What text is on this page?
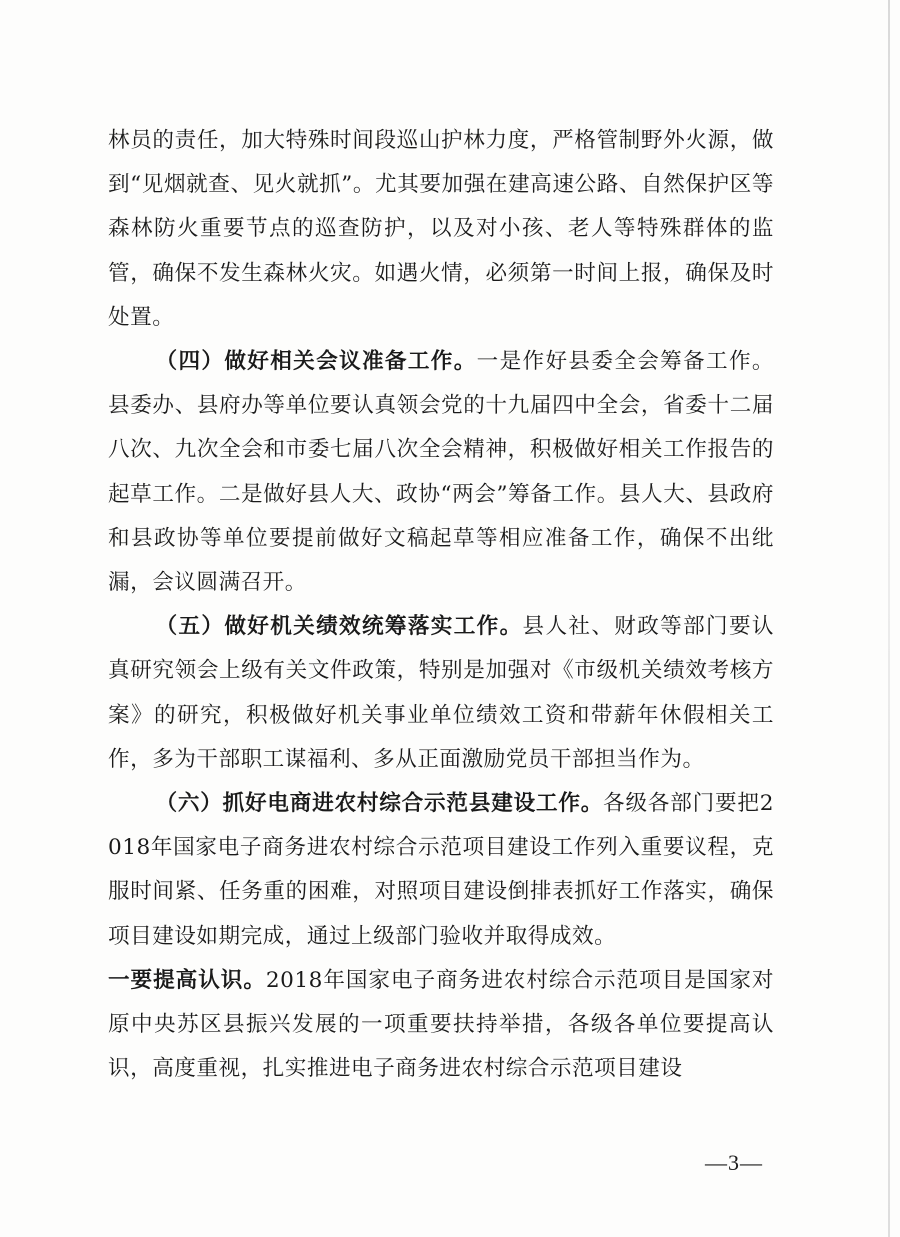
林员的责任，加大特殊时间段巡山护林力度，严格管制野外火源，做到“见烟就查、见火就抓”。尤其要加强在建高速公路、自然保护区等森林防火重要节点的巡查防护，以及对小孩、老人等特殊群体的监管，确保不发生森林火灾。如遇火情，必须第一时间上报，确保及时处置。

（四）做好相关会议准备工作。一是作好县委全会筹备工作。县委办、县府办等单位要认真领会党的十九届四中全会，省委十二届八次、九次全会和市委七届八次全会精神，积极做好相关工作报告的起草工作。二是做好县人大、政协“两会”筹备工作。县人大、县政府和县政协等单位要提前做好文稿起草等相应准备工作，确保不出纰漏，会议圆满召开。

（五）做好机关绩效统筹落实工作。县人社、财政等部门要认真研究领会上级有关文件政策，特别是加强对《市级机关绩效考核方案》的研究，积极做好机关事业单位绩效工资和带薪年休假相关工作，多为干部职工谋福利、多从正面激励党员干部担当作为。

（六）抓好电商进农村综合示范县建设工作。各级各部门要把2018年国家电子商务进农村综合示范项目建设工作列入重要议程，克服时间紧、任务重的困难，对照项目建设倒排表抓好工作落实，确保项目建设如期完成，通过上级部门验收并取得成效。

一要提高认识。2018年国家电子商务进农村综合示范项目是国家对原中央苏区县振兴发展的一项重要扶持举措，各级各单位要提高认识，高度重视，扎实推进电子商务进农村综合示范项目建设

—3—
